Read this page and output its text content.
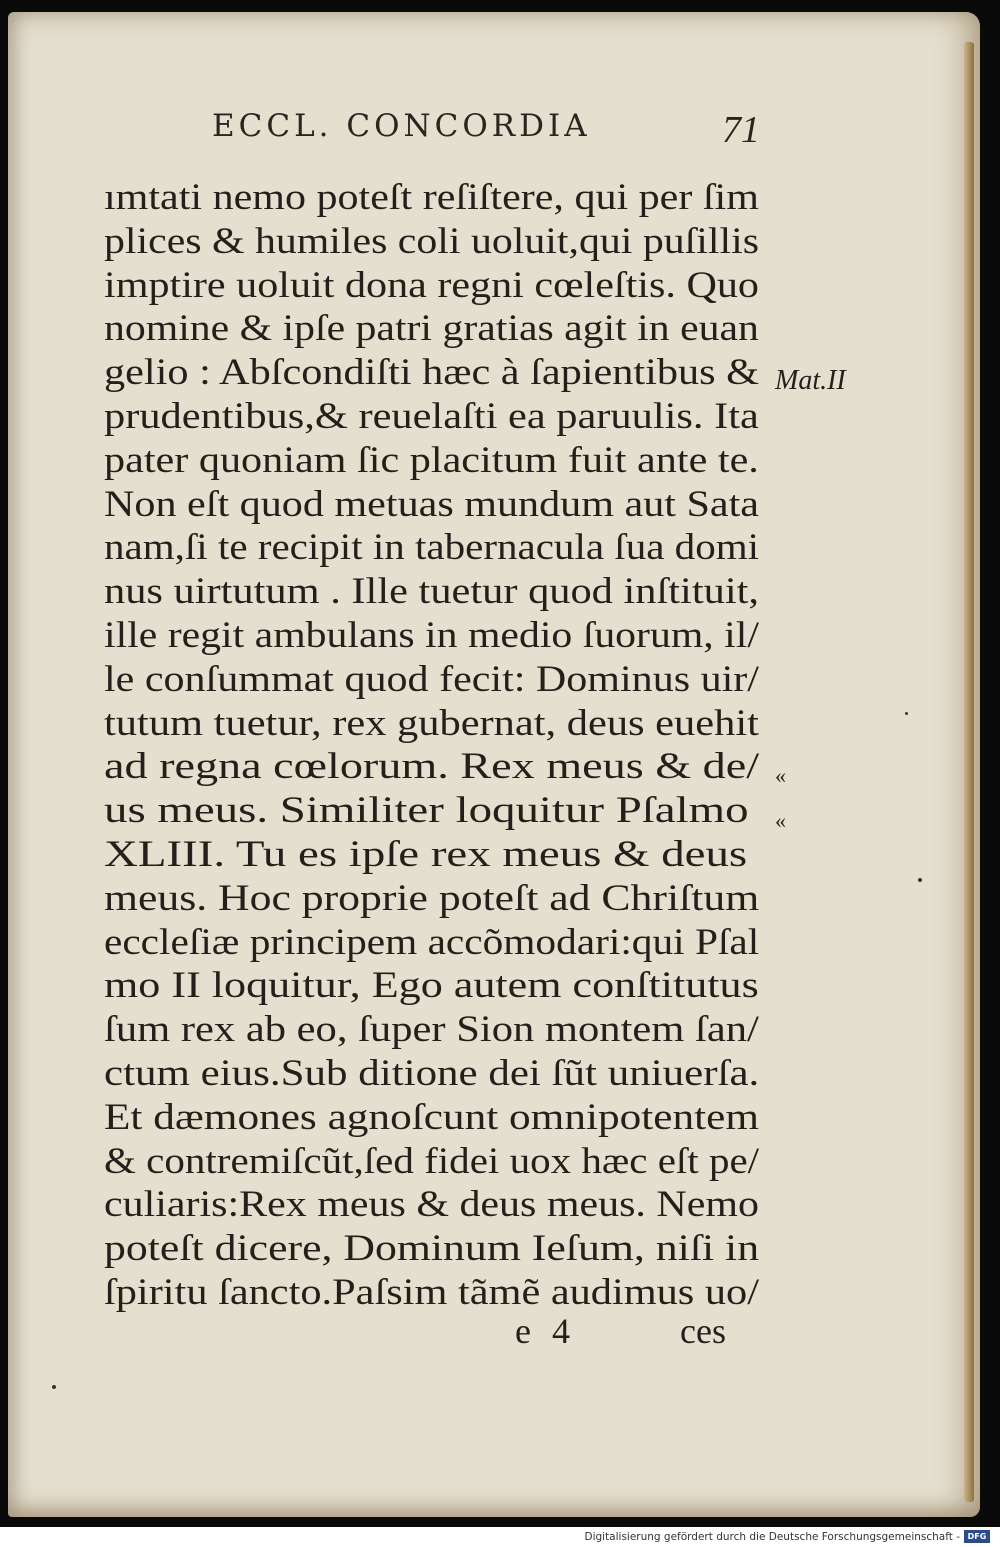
ECCL. CONCORDIA	71
ımtati nemo poteſt reſiſtere, qui per ſim
plices & humiles coli uoluit,qui puſillis
imptire uoluit dona regni cœleſtis. Quo
nomine & ipſe patri gratias agit in euan
gelio : Abſcondiſti hæc à ſapientibus &
prudentibus,& reuelaſti ea paruulis. Ita
pater quoniam ſic placitum fuit ante te.
Non eſt quod metuas mundum aut Sata
nam,ſi te recipit in tabernacula ſua domi
nus uirtutum . Ille tuetur quod inſtituit,
ille regit ambulans in medio ſuorum, il/
le conſummat quod fecit: Dominus uir/
tutum tuetur, rex gubernat, deus euehit
ad regna cœlorum. Rex meus & de/
us meus. Similiter loquitur Pſalmo
XLIII. Tu es ipſe rex meus & deus
meus. Hoc proprie poteſt ad Chriſtum
eccleſiæ principem accõmodari:qui Pſal
mo II loquitur, Ego autem conſtitutus
ſum rex ab eo, ſuper Sion montem ſan/
ctum eius.Sub ditione dei ſũt uniuerſa.
Et dæmones agnoſcunt omnipotentem
& contremiſcũt,ſed fidei uox hæc eſt pe/
culiaris:Rex meus & deus meus. Nemo
poteſt dicere, Dominum Ieſum, niſi in
ſpiritu ſancto.Paſsim tãmẽ audimus uo/
Mat.II
«
«
e 4	ces
Digitalisierung gefördert durch die Deutsche Forschungsgemeinschaft - DFG
